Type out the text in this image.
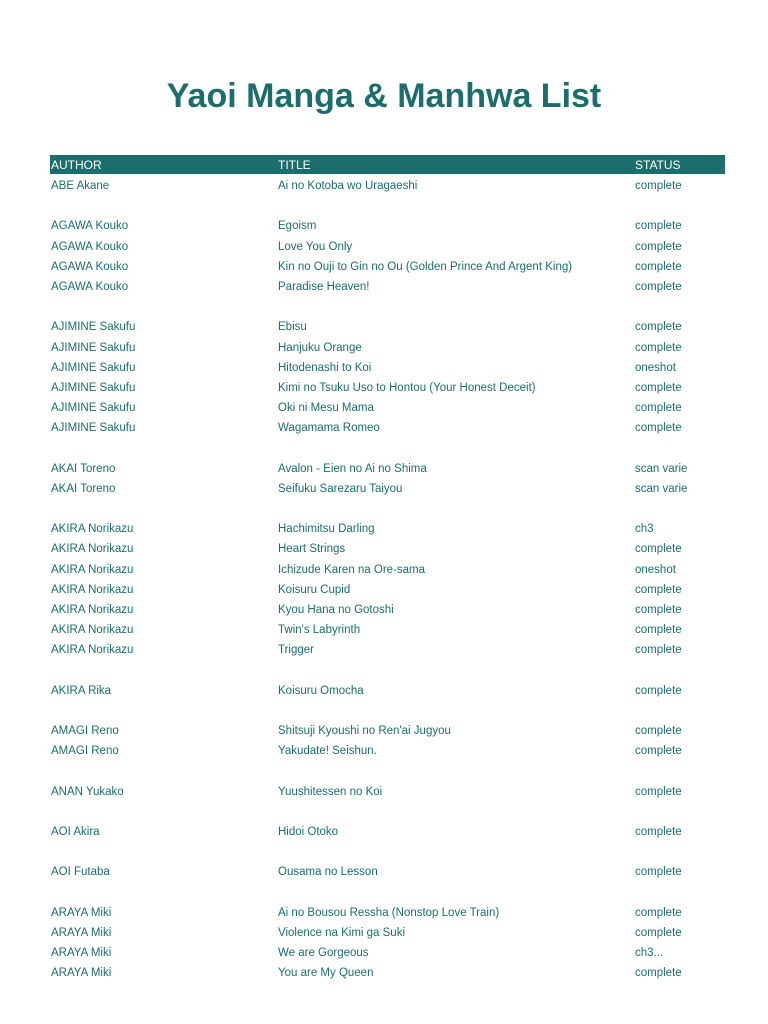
Yaoi Manga & Manhwa List
AUTHOR	TITLE	STATUS
ABE Akane	Ai no Kotoba wo Uragaeshi	complete
AGAWA Kouko	Egoism	complete
AGAWA Kouko	Love You Only	complete
AGAWA Kouko	Kin no Ouji to Gin no Ou (Golden Prince And Argent King)	complete
AGAWA Kouko	Paradise Heaven!	complete
AJIMINE Sakufu	Ebisu	complete
AJIMINE Sakufu	Hanjuku Orange	complete
AJIMINE Sakufu	Hitodenashi to Koi	oneshot
AJIMINE Sakufu	Kimi no Tsuku Uso to Hontou (Your Honest Deceit)	complete
AJIMINE Sakufu	Oki ni Mesu Mama	complete
AJIMINE Sakufu	Wagamama Romeo	complete
AKAI Toreno	Avalon - Eien no Ai no Shima	scan varie
AKAI Toreno	Seifuku Sarezaru Taiyou	scan varie
AKIRA Norikazu	Hachimitsu Darling	ch3
AKIRA Norikazu	Heart Strings	complete
AKIRA Norikazu	Ichizude Karen na Ore-sama	oneshot
AKIRA Norikazu	Koisuru Cupid	complete
AKIRA Norikazu	Kyou Hana no Gotoshi	complete
AKIRA Norikazu	Twin's Labyrinth	complete
AKIRA Norikazu	Trigger	complete
AKIRA Rika	Koisuru Omocha	complete
AMAGI Reno	Shitsuji Kyoushi no Ren'ai Jugyou	complete
AMAGI Reno	Yakudate! Seishun.	complete
ANAN Yukako	Yuushitessen no Koi	complete
AOI Akira	Hidoi Otoko	complete
AOI Futaba	Ousama no Lesson	complete
ARAYA Miki	Ai no Bousou Ressha (Nonstop Love Train)	complete
ARAYA Miki	Violence na Kimi ga Suki	complete
ARAYA Miki	We are Gorgeous	ch3...
ARAYA Miki	You are My Queen	complete
